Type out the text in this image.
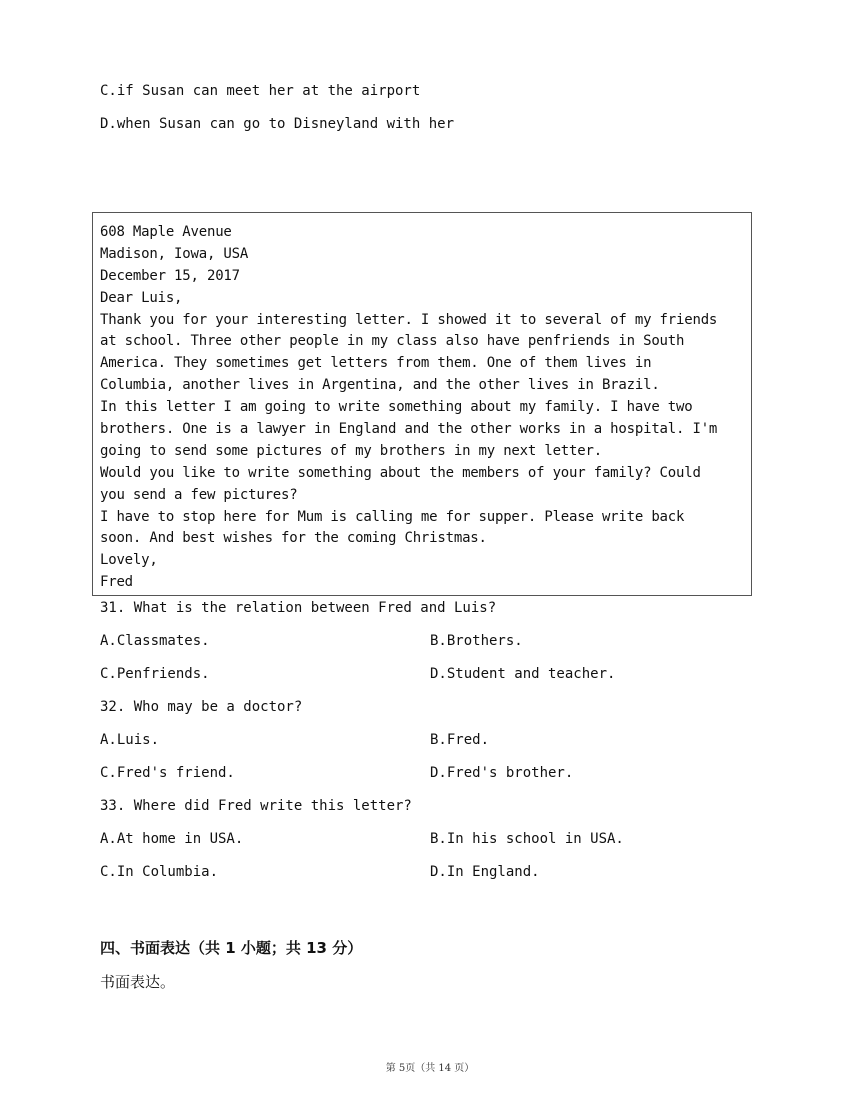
C.if Susan can meet her at the airport
D.when Susan can go to Disneyland with her
608 Maple Avenue
Madison, Iowa, USA
December 15, 2017
Dear Luis,
Thank you for your interesting letter. I showed it to several of my friends
at school. Three other people in my class also have penfriends in South
America. They sometimes get letters from them. One of them lives in
Columbia, another lives in Argentina, and the other lives in Brazil.
In this letter I am going to write something about my family. I have two
brothers. One is a lawyer in England and the other works in a hospital. I'm
going to send some pictures of my brothers in my next letter.
Would you like to write something about the members of your family? Could
you send a few pictures?
I have to stop here for Mum is calling me for supper. Please write back
soon. And best wishes for the coming Christmas.
Lovely,
Fred
31. What is the relation between Fred and Luis?
A.Classmates.	B.Brothers.
C.Penfriends.	D.Student and teacher.
32. Who may be a doctor?
A.Luis.	B.Fred.
C.Fred's friend.	D.Fred's brother.
33. Where did Fred write this letter?
A.At home in USA.	B.In his school in USA.
C.In Columbia.	D.In England.
四、书面表达（共 1 小题；共 13 分）
书面表达。
第 5页（共 14 页）
